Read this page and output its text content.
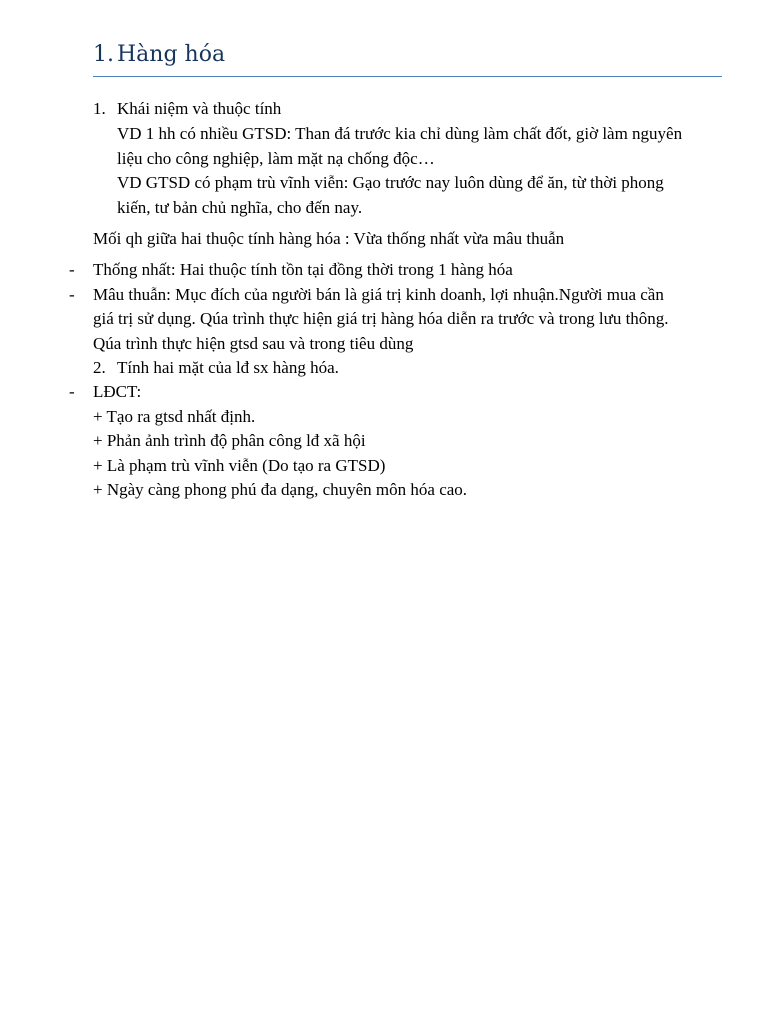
1. Hàng hóa
1. Khái niệm và thuộc tính
VD 1 hh có nhiều GTSD: Than đá trước kia chỉ dùng làm chất đốt, giờ làm nguyên
liệu cho công nghiệp, làm mặt nạ chống độc…
VD GTSD có phạm trù vĩnh viễn: Gạo trước nay luôn dùng để ăn, từ thời phong
kiến, tư bản chủ nghĩa, cho đến nay.
Mối qh giữa hai thuộc tính hàng hóa : Vừa thống nhất vừa mâu thuẫn
- Thống nhất: Hai thuộc tính tồn tại đồng thời trong 1 hàng hóa
- Mâu thuẫn: Mục đích của người bán là giá trị kinh doanh, lợi nhuận.Người mua cần
giá trị sử dụng. Qúa trình thực hiện giá trị hàng hóa diễn ra trước và trong lưu thông.
Qúa trình thực hiện gtsd sau và trong tiêu dùng
2. Tính hai mặt của lđ sx hàng hóa.
- LĐCT:
+ Tạo ra gtsd nhất định.
+ Phản ảnh trình độ phân công lđ xã hội
+ Là phạm trù vĩnh viễn (Do tạo ra GTSD)
+ Ngày càng phong phú đa dạng, chuyên môn hóa cao.
